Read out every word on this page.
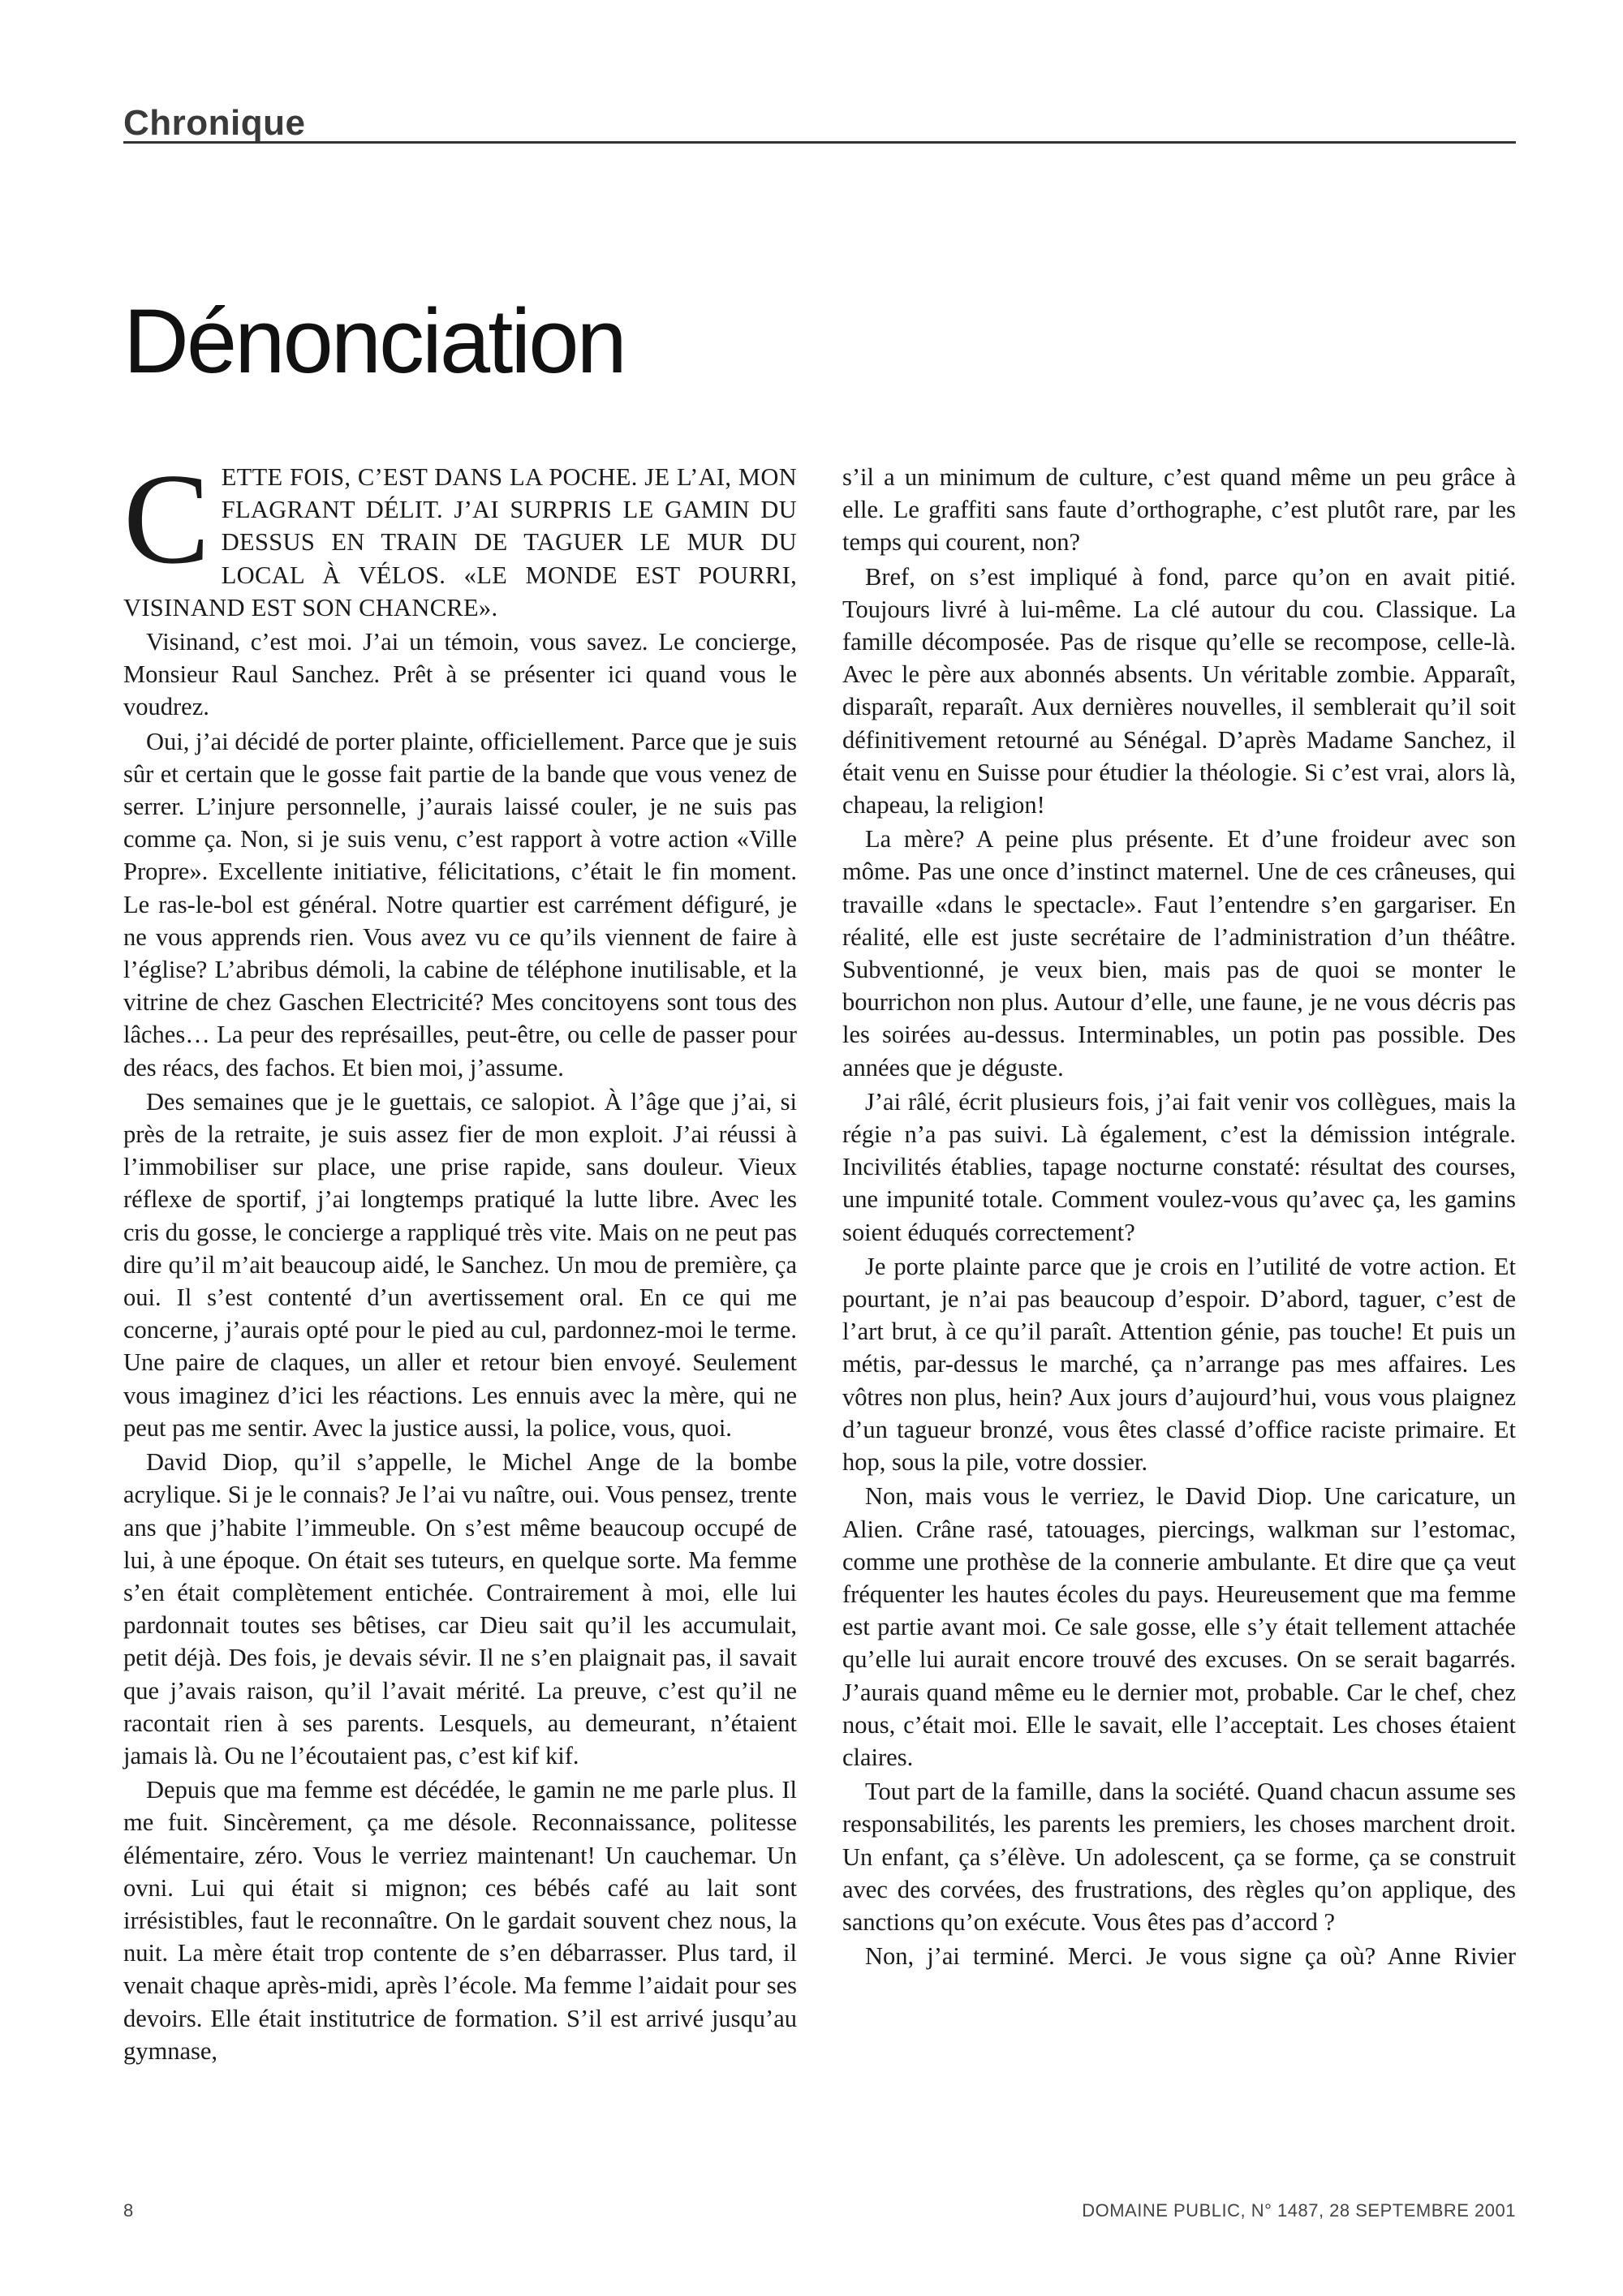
Chronique
Dénonciation

CETTE FOIS, C’EST DANS LA POCHE. JE L’AI, MON FLAGRANT DÉLIT. J’AI SURPRIS LE GAMIN DU DESSUS EN TRAIN DE TAGUER LE MUR DU LOCAL À VÉLOS. «LE MONDE EST POURRI, VISINAND EST SON CHANCRE».

Visinand, c’est moi. J’ai un témoin, vous savez. Le concierge, Monsieur Raul Sanchez. Prêt à se présenter ici quand vous le voudrez.

Oui, j’ai décidé de porter plainte, officiellement. Parce que je suis sûr et certain que le gosse fait partie de la bande que vous venez de serrer. L’injure personnelle, j’aurais laissé couler, je ne suis pas comme ça. Non, si je suis venu, c’est rapport à votre action «Ville Propre». Excellente initiative, félicitations, c’était le fin moment. Le ras-le-bol est général. Notre quartier est carrément défiguré, je ne vous apprends rien. Vous avez vu ce qu’ils viennent de faire à l’église? L’abribus démoli, la cabine de téléphone inutilisable, et la vitrine de chez Gaschen Electricité? Mes concitoyens sont tous des lâches… La peur des représailles, peut-être, ou celle de passer pour des réacs, des fachos. Et bien moi, j’assume.

Des semaines que je le guettais, ce salopiot. À l’âge que j’ai, si près de la retraite, je suis assez fier de mon exploit. J’ai réussi à l’immobiliser sur place, une prise rapide, sans douleur. Vieux réflexe de sportif, j’ai longtemps pratiqué la lutte libre. Avec les cris du gosse, le concierge a rappliqué très vite. Mais on ne peut pas dire qu’il m’ait beaucoup aidé, le Sanchez. Un mou de première, ça oui. Il s’est contenté d’un avertissement oral. En ce qui me concerne, j’aurais opté pour le pied au cul, pardonnez-moi le terme. Une paire de claques, un aller et retour bien envoyé. Seulement vous imaginez d’ici les réactions. Les ennuis avec la mère, qui ne peut pas me sentir. Avec la justice aussi, la police, vous, quoi.

David Diop, qu’il s’appelle, le Michel Ange de la bombe acrylique. Si je le connais? Je l’ai vu naître, oui. Vous pensez, trente ans que j’habite l’immeuble. On s’est même beaucoup occupé de lui, à une époque. On était ses tuteurs, en quelque sorte. Ma femme s’en était complètement entichée. Contrairement à moi, elle lui pardonnait toutes ses bêtises, car Dieu sait qu’il les accumulait, petit déjà. Des fois, je devais sévir. Il ne s’en plaignait pas, il savait que j’avais raison, qu’il l’avait mérité. La preuve, c’est qu’il ne racontait rien à ses parents. Lesquels, au demeurant, n’étaient jamais là. Ou ne l’écoutaient pas, c’est kif kif.

Depuis que ma femme est décédée, le gamin ne me parle plus. Il me fuit. Sincèrement, ça me désole. Reconnaissance, politesse élémentaire, zéro. Vous le verriez maintenant! Un cauchemar. Un ovni. Lui qui était si mignon; ces bébés café au lait sont irrésistibles, faut le reconnaître. On le gardait souvent chez nous, la nuit. La mère était trop contente de s’en débarrasser. Plus tard, il venait chaque après-midi, après l’école. Ma femme l’aidait pour ses devoirs. Elle était institutrice de formation. S’il est arrivé jusqu’au gymnase,

s’il a un minimum de culture, c’est quand même un peu grâce à elle. Le graffiti sans faute d’orthographe, c’est plutôt rare, par les temps qui courent, non?

Bref, on s’est impliqué à fond, parce qu’on en avait pitié. Toujours livré à lui-même. La clé autour du cou. Classique. La famille décomposée. Pas de risque qu’elle se recompose, celle-là. Avec le père aux abonnés absents. Un véritable zombie. Apparaît, disparaît, reparaît. Aux dernières nouvelles, il semblerait qu’il soit définitivement retourné au Sénégal. D’après Madame Sanchez, il était venu en Suisse pour étudier la théologie. Si c’est vrai, alors là, chapeau, la religion!

La mère? A peine plus présente. Et d’une froideur avec son môme. Pas une once d’instinct maternel. Une de ces crâneuses, qui travaille «dans le spectacle». Faut l’entendre s’en gargariser. En réalité, elle est juste secrétaire de l’administration d’un théâtre. Subventionné, je veux bien, mais pas de quoi se monter le bourrichon non plus. Autour d’elle, une faune, je ne vous décris pas les soirées au-dessus. Interminables, un potin pas possible. Des années que je déguste.

J’ai râlé, écrit plusieurs fois, j’ai fait venir vos collègues, mais la régie n’a pas suivi. Là également, c’est la démission intégrale. Incivilités établies, tapage nocturne constaté: résultat des courses, une impunité totale. Comment voulez-vous qu’avec ça, les gamins soient éduqués correctement?

Je porte plainte parce que je crois en l’utilité de votre action. Et pourtant, je n’ai pas beaucoup d’espoir. D’abord, taguer, c’est de l’art brut, à ce qu’il paraît. Attention génie, pas touche! Et puis un métis, par-dessus le marché, ça n’arrange pas mes affaires. Les vôtres non plus, hein? Aux jours d’aujourd’hui, vous vous plaignez d’un tagueur bronzé, vous êtes classé d’office raciste primaire. Et hop, sous la pile, votre dossier.

Non, mais vous le verriez, le David Diop. Une caricature, un Alien. Crâne rasé, tatouages, piercings, walkman sur l’estomac, comme une prothèse de la connerie ambulante. Et dire que ça veut fréquenter les hautes écoles du pays. Heureusement que ma femme est partie avant moi. Ce sale gosse, elle s’y était tellement attachée qu’elle lui aurait encore trouvé des excuses. On se serait bagarrés. J’aurais quand même eu le dernier mot, probable. Car le chef, chez nous, c’était moi. Elle le savait, elle l’acceptait. Les choses étaient claires.

Tout part de la famille, dans la société. Quand chacun assume ses responsabilités, les parents les premiers, les choses marchent droit. Un enfant, ça s’élève. Un adolescent, ça se forme, ça se construit avec des corvées, des frustrations, des règles qu’on applique, des sanctions qu’on exécute. Vous êtes pas d’accord ?

Non, j’ai terminé. Merci. Je vous signe ça où? Anne Rivier

8	DOMAINE PUBLIC, N° 1487, 28 SEPTEMBRE 2001
